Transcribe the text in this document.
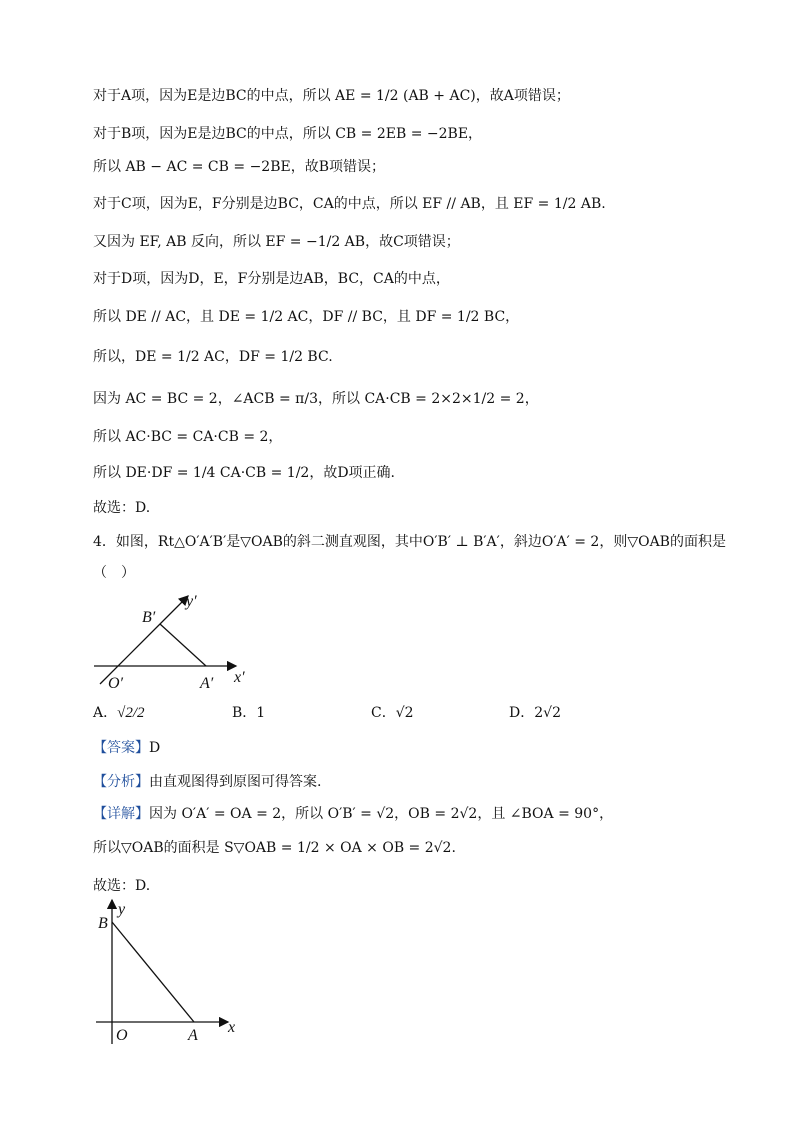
对于A项，因为E是边BC的中点，所以 AE = 1/2 (AB + AC)，故A项错误；
对于B项，因为E是边BC的中点，所以 CB = 2EB = −2BE，
所以 AB − AC = CB = −2BE，故B项错误；
对于C项，因为E，F分别是边BC，CA的中点，所以 EF // AB，且 EF = 1/2 AB.
又因为 EF, AB 反向，所以 EF = −1/2 AB，故C项错误；
对于D项，因为D，E，F分别是边AB，BC，CA的中点，
所以 DE // AC，且 DE = 1/2 AC，DF // BC，且 DF = 1/2 BC，
所以，DE = 1/2 AC，DF = 1/2 BC.
因为 AC = BC = 2，∠ACB = π/3，所以 CA·CB = 2×2×1/2 = 2，
所以 AC·BC = CA·CB = 2，
所以 DE·DF = 1/4 CA·CB = 1/2，故D项正确.
故选：D.
4．如图，Rt△O′A′B′是▽OAB的斜二测直观图，其中O′B′ ⊥ B′A′，斜边O′A′ = 2，则▽OAB的面积是
（　）
B′
y′
O′	A′ x′
A．√2/2	B．1	C．√2	D．2√2
【答案】D
【分析】由直观图得到原图可得答案.
【详解】因为 O′A′ = OA = 2，所以 O′B′ = √2，OB = 2√2，且 ∠BOA = 90°，
所以▽OAB的面积是 S▽OAB = 1/2 × OA × OB = 2√2.
故选：D.
B
y
O	A x
